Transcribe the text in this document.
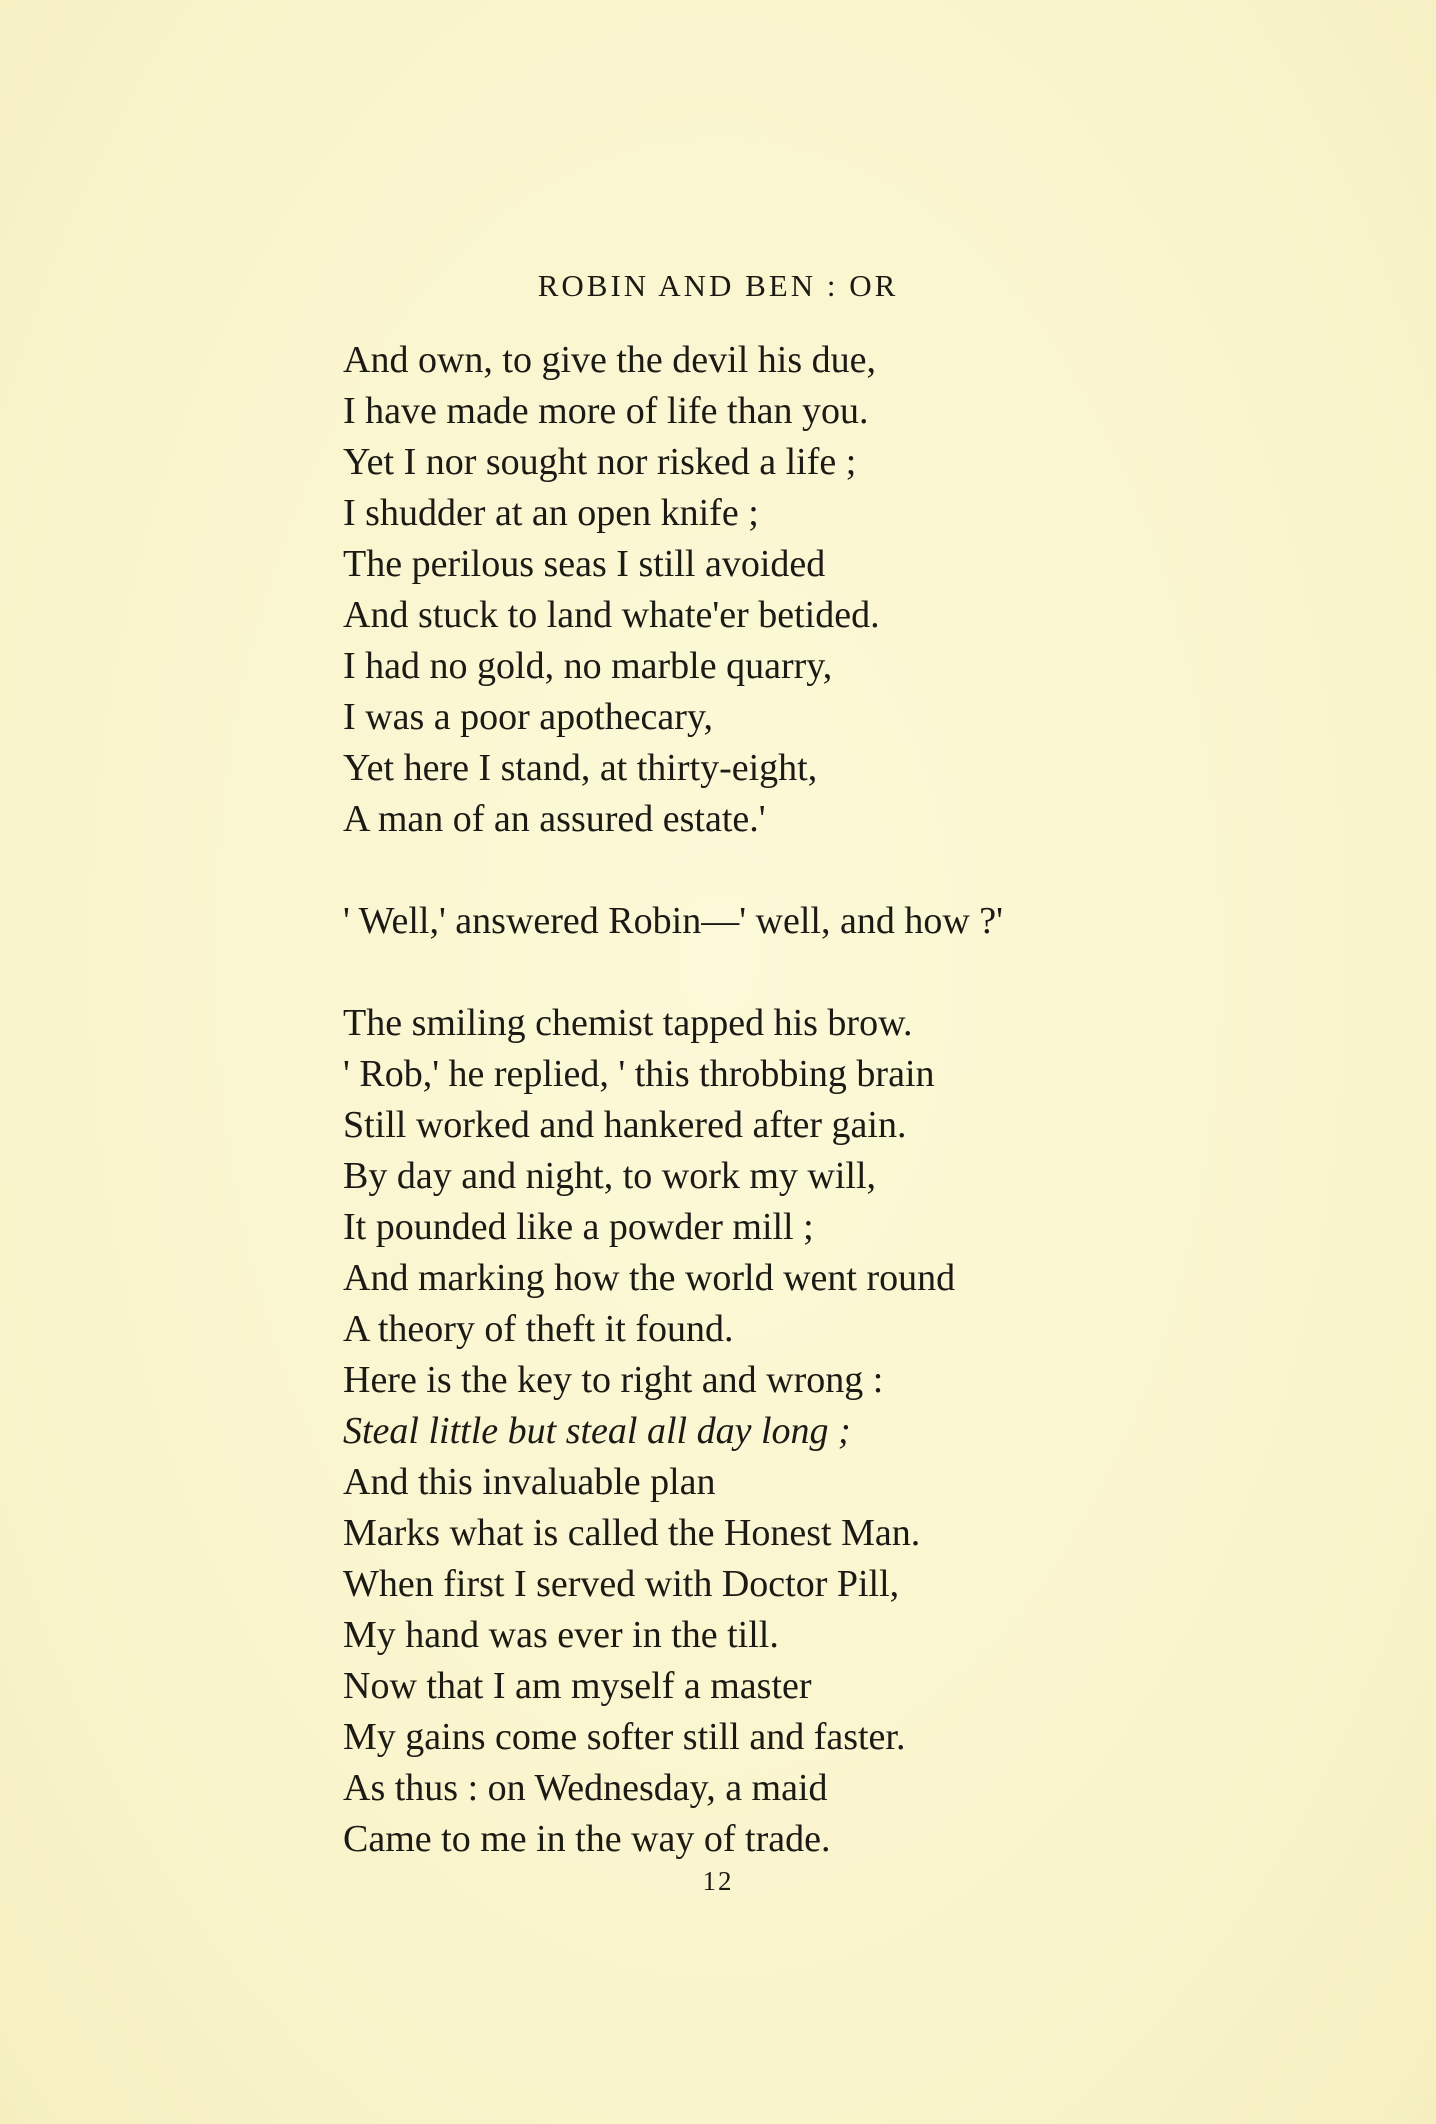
ROBIN AND BEN : OR
And own, to give the devil his due,
I have made more of life than you.
Yet I nor sought nor risked a life ;
I shudder at an open knife ;
The perilous seas I still avoided
And stuck to land whate'er betided.
I had no gold, no marble quarry,
I was a poor apothecary,
Yet here I stand, at thirty-eight,
A man of an assured estate.'
' Well,' answered Robin—' well, and how ?'
The smiling chemist tapped his brow.
' Rob,' he replied, ' this throbbing brain
Still worked and hankered after gain.
By day and night, to work my will,
It pounded like a powder mill ;
And marking how the world went round
A theory of theft it found.
Here is the key to right and wrong :
Steal little but steal all day long ;
And this invaluable plan
Marks what is called the Honest Man.
When first I served with Doctor Pill,
My hand was ever in the till.
Now that I am myself a master
My gains come softer still and faster.
As thus : on Wednesday, a maid
Came to me in the way of trade.
12
